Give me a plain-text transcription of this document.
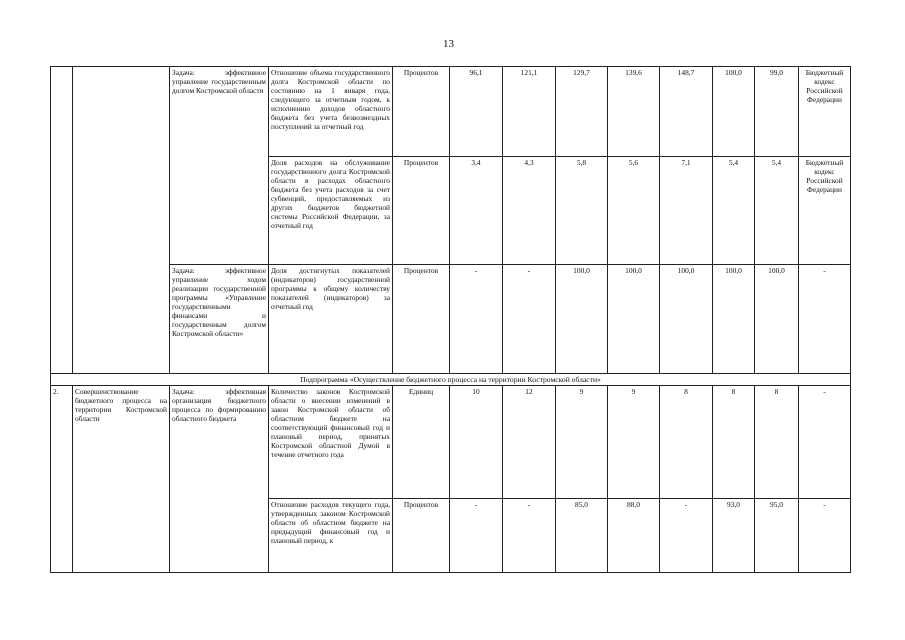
13
		Задача: эффективное управление государственным долгом Костромской области	Отношение объема государственного долга Костромской области по состоянию на 1 января года, следующего за отчетным годом, к исполнению доходов областного бюджета без учета безвозмездных поступлений за отчетный год	Процентов	96,1	121,1	129,7	139,6	148,7	100,0	99,0	Бюджетный кодекс Российской Федерации
			Доля расходов на обслуживание государственного долга Костромской области в расходах областного бюджета без учета расходов за счет субвенций, предоставляемых из других бюджетов бюджетной системы Российской Федерации, за отчетный год	Процентов	3,4	4,3	5,8	5,6	7,1	5,4	5,4	Бюджетный кодекс Российской Федерации
		Задача: эффективное управление ходом реализации государственной программы «Управление государственными финансами и государственным долгом Костромской области»	Доля достигнутых показателей (индикаторов) государственной программы к общему количеству показателей (индикаторов) за отчетный год	Процентов	-	-	100,0	100,0	100,0	100,0	100,0	-
Подпрограмма «Осуществление бюджетного процесса на территории Костромской области»												
2.	Совершенствование бюджетного процесса на территории Костромской области	Задача: эффективная организация бюджетного процесса по формированию областного бюджета	Количество законов Костромской области о внесении изменений в закон Костромской области об областном бюджете на соответствующий финансовый год и плановый период, принятых Костромской областной Думой в течение отчетного года	Единиц	10	12	9	9	8	8	8	-
			Отношение расходов текущего года, утвержденных законом Костромской области об областном бюджете на предыдущий финансовый год и плановый период, к	Процентов	-	-	85,0	88,0	-	93,0	95,0	-
